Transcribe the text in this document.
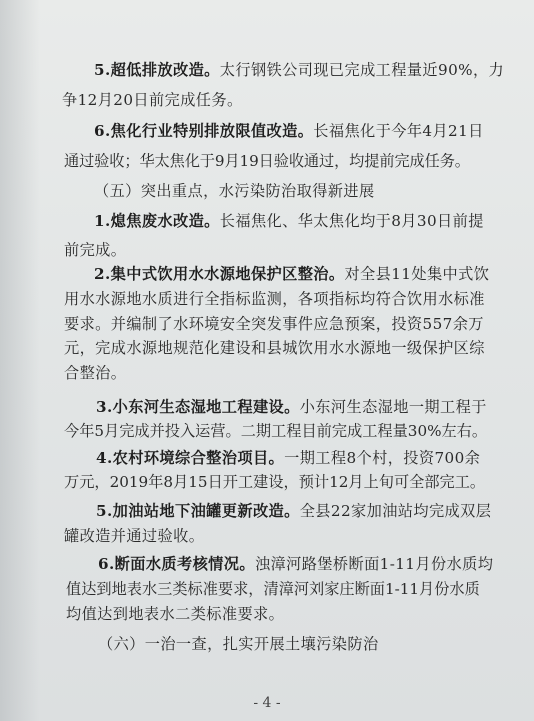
5.超低排放改造。太行钢铁公司现已完成工程量近90%，力
争12月20日前完成任务。
6.焦化行业特别排放限值改造。长福焦化于今年4月21日
通过验收；华太焦化于9月19日验收通过，均提前完成任务。
（五）突出重点，水污染防治取得新进展
1.熄焦废水改造。长福焦化、华太焦化均于8月30日前提
前完成。
2.集中式饮用水水源地保护区整治。对全县11处集中式饮
用水水源地水质进行全指标监测，各项指标均符合饮用水标准
要求。并编制了水环境安全突发事件应急预案，投资557余万
元，完成水源地规范化建设和县城饮用水水源地一级保护区综
合整治。
3.小东河生态湿地工程建设。小东河生态湿地一期工程于
今年5月完成并投入运营。二期工程目前完成工程量30%左右。
4.农村环境综合整治项目。一期工程8个村，投资700余
万元，2019年8月15日开工建设，预计12月上旬可全部完工。
5.加油站地下油罐更新改造。全县22家加油站均完成双层
罐改造并通过验收。
6.断面水质考核情况。浊漳河路堡桥断面1-11月份水质均
值达到地表水三类标准要求，清漳河刘家庄断面1-11月份水质
均值达到地表水二类标准要求。
（六）一治一查，扎实开展土壤污染防治
- 4 -
